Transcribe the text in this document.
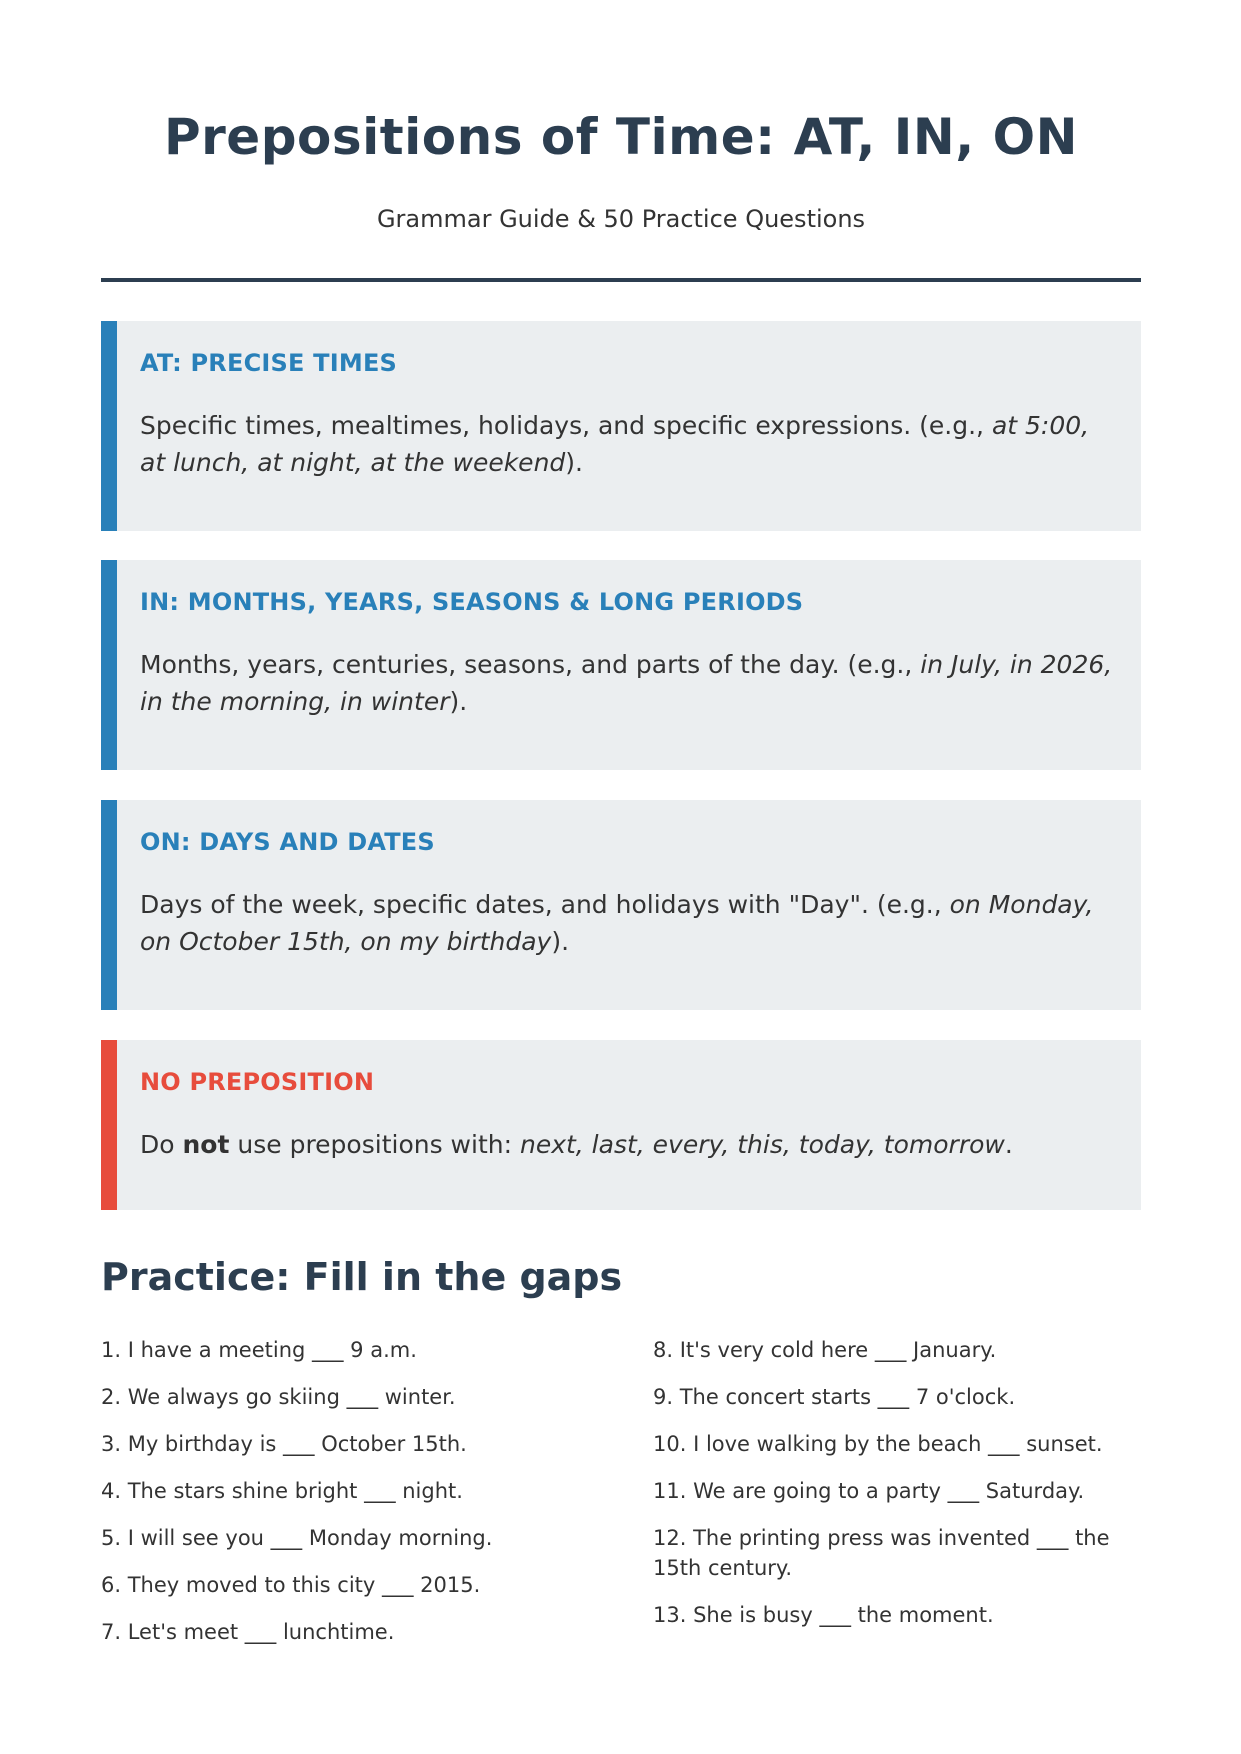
Prepositions of Time: AT, IN, ON
Grammar Guide & 50 Practice Questions
AT: PRECISE TIMES
Specific times, mealtimes, holidays, and specific expressions. (e.g., at 5:00, at lunch, at night, at the weekend).
IN: MONTHS, YEARS, SEASONS & LONG PERIODS
Months, years, centuries, seasons, and parts of the day. (e.g., in July, in 2026, in the morning, in winter).
ON: DAYS AND DATES
Days of the week, specific dates, and holidays with "Day". (e.g., on Monday, on October 15th, on my birthday).
NO PREPOSITION
Do not use prepositions with: next, last, every, this, today, tomorrow.
Practice: Fill in the gaps

1. I have a meeting ___ 9 a.m.

2. We always go skiing ___ winter.

3. My birthday is ___ October 15th.

4. The stars shine bright ___ night.

5. I will see you ___ Monday morning.

6. They moved to this city ___ 2015.

7. Let's meet ___ lunchtime.

8. It's very cold here ___ January.

9. The concert starts ___ 7 o'clock.

10. I love walking by the beach ___ sunset.

11. We are going to a party ___ Saturday.

12. The printing press was invented ___ the 15th century.

13. She is busy ___ the moment.
